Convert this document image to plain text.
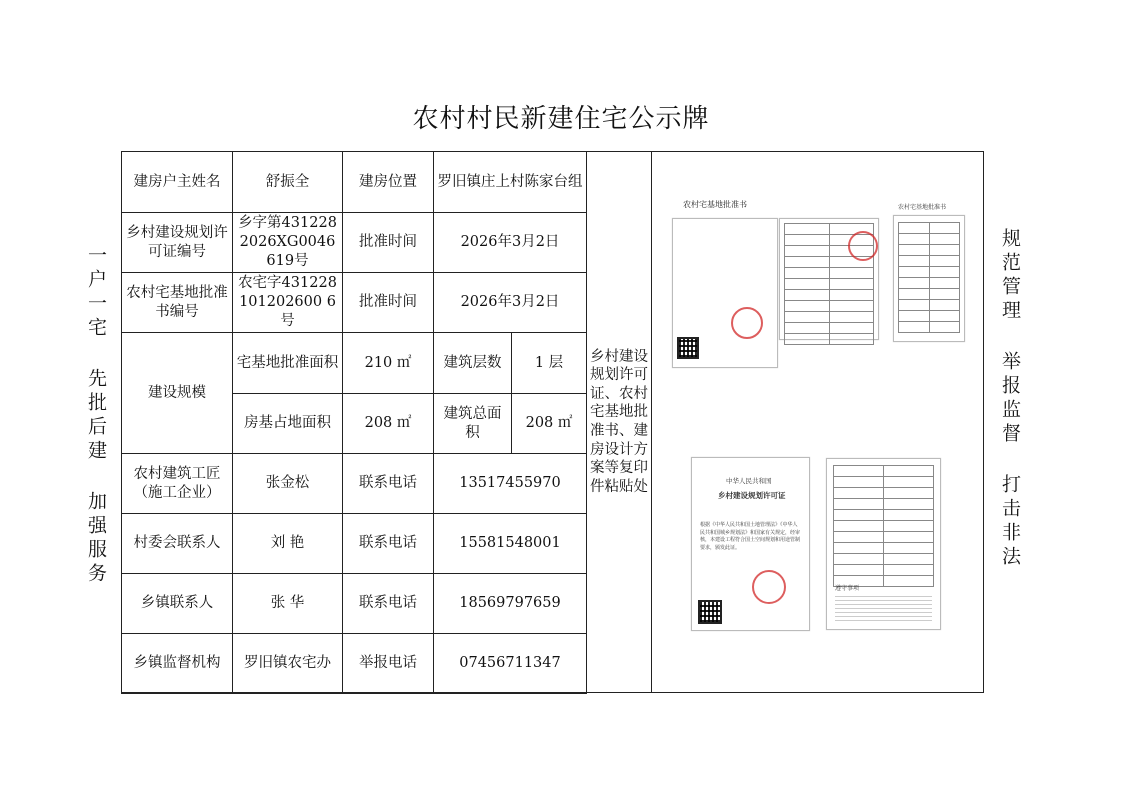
农村村民新建住宅公示牌
一户一宅 先批后建 加强服务	规范管理 举报监督 打击非法
建房户主姓名	舒振全	建房位置	罗旧镇庄上村陈家台组	
乡村建设规划许可证编号	乡字第4312282026XG0046619号	批准时间	2026年3月2日	
农村宅基地批准书编号	农宅字431228101202600 6号	批准时间	2026年3月2日	
建设规模	宅基地批准面积	210 ㎡	建筑层数	1 层
	房基占地面积	208 ㎡	建筑总面积	208 ㎡
农村建筑工匠（施工企业）	张金松	联系电话	13517455970	
村委会联系人	刘 艳	联系电话	15581548001	
乡镇联系人	张 华	联系电话	18569797659	
乡镇监督机构	罗旧镇农宅办	举报电话	07456711347	
乡村建设规划许可证、农村宅基地批准书、建房设计方案等复印件粘贴处
农村宅基地批准书

		农村宅基地批准书

中华人民共和国
乡村建设规划许可证
根据《中华人民共和国土地管理法》《中华人民共和国城乡规划法》和国家有关规定，经审核，本建设工程符合国土空间规划和用途管制要求，颁发此证。

遵守事项
